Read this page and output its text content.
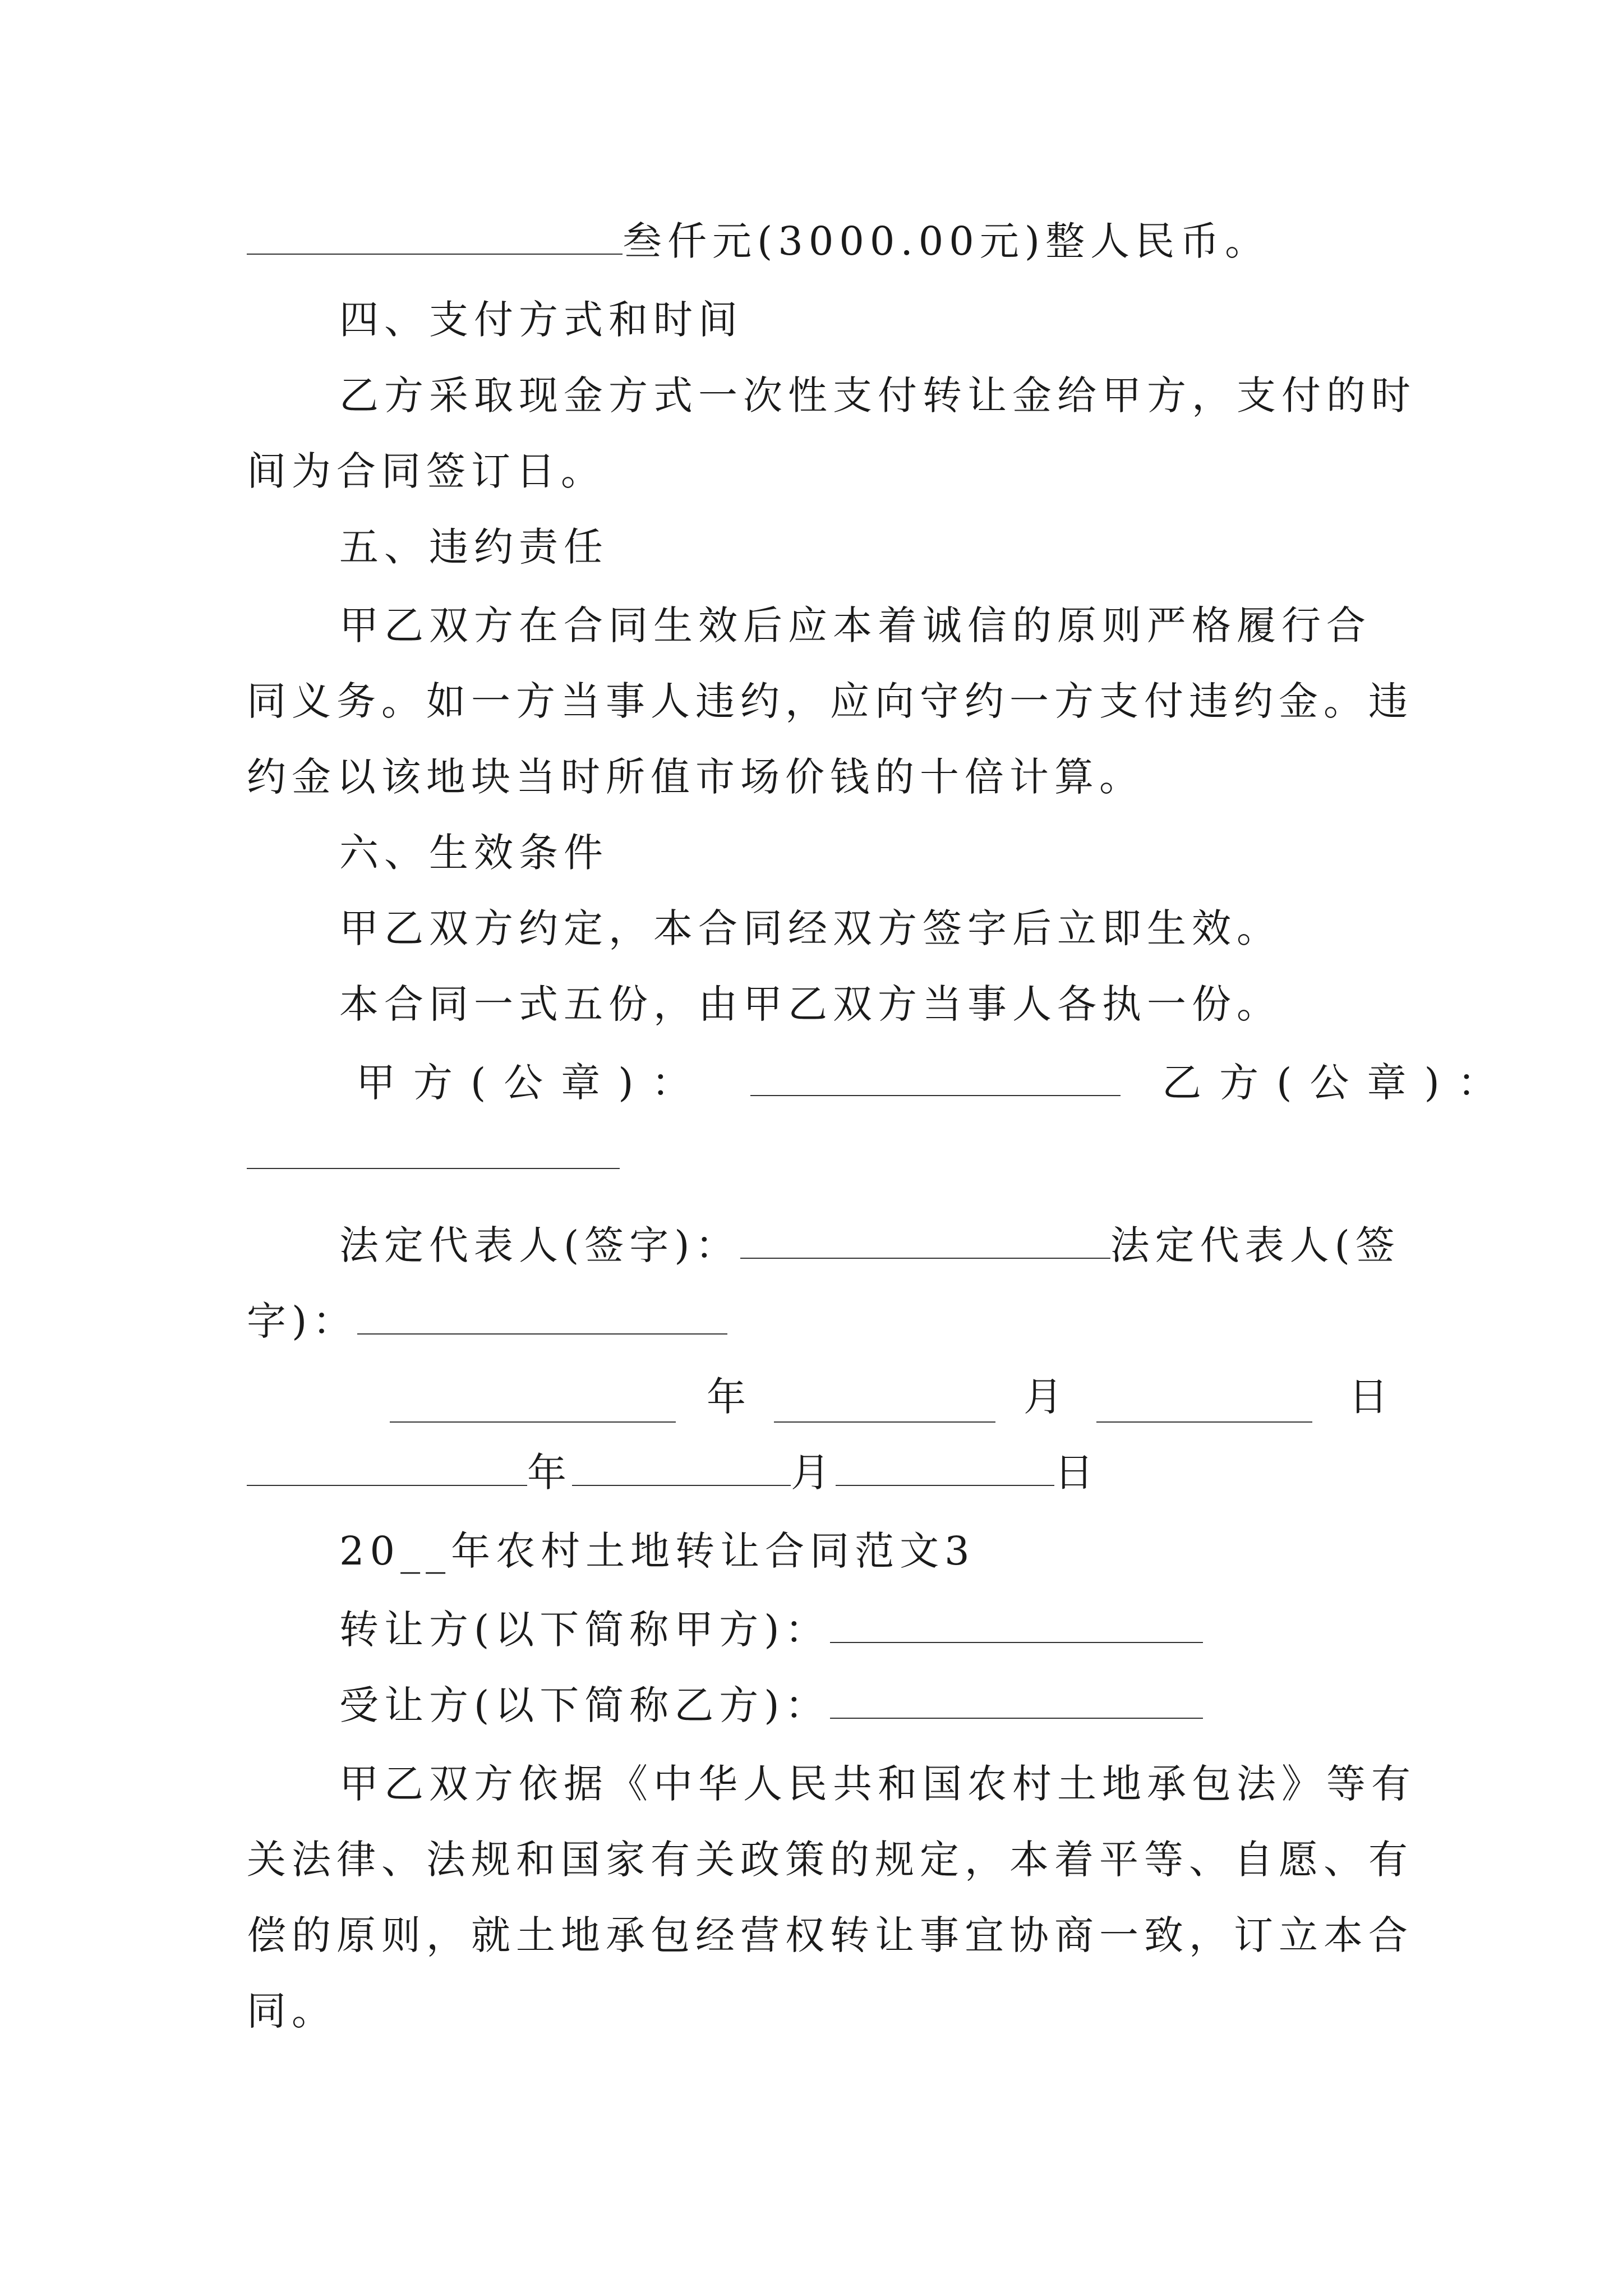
叁仟元(3000.00元)整人民币。
四、支付方式和时间
乙方采取现金方式一次性支付转让金给甲方，支付的时
间为合同签订日。
五、违约责任
甲乙双方在合同生效后应本着诚信的原则严格履行合
同义务。如一方当事人违约，应向守约一方支付违约金。违
约金以该地块当时所值市场价钱的十倍计算。
六、生效条件
甲乙双方约定，本合同经双方签字后立即生效。
本合同一式五份，由甲乙双方当事人各执一份。
甲方(公章)：	乙方(公章)：
法定代表人(签字)：	法定代表人(签
字)：
年	月	日
年	月	日
20__年农村土地转让合同范文3
转让方(以下简称甲方)：
受让方(以下简称乙方)：
甲乙双方依据《中华人民共和国农村土地承包法》等有
关法律、法规和国家有关政策的规定，本着平等、自愿、有
偿的原则，就土地承包经营权转让事宜协商一致，订立本合
同。
